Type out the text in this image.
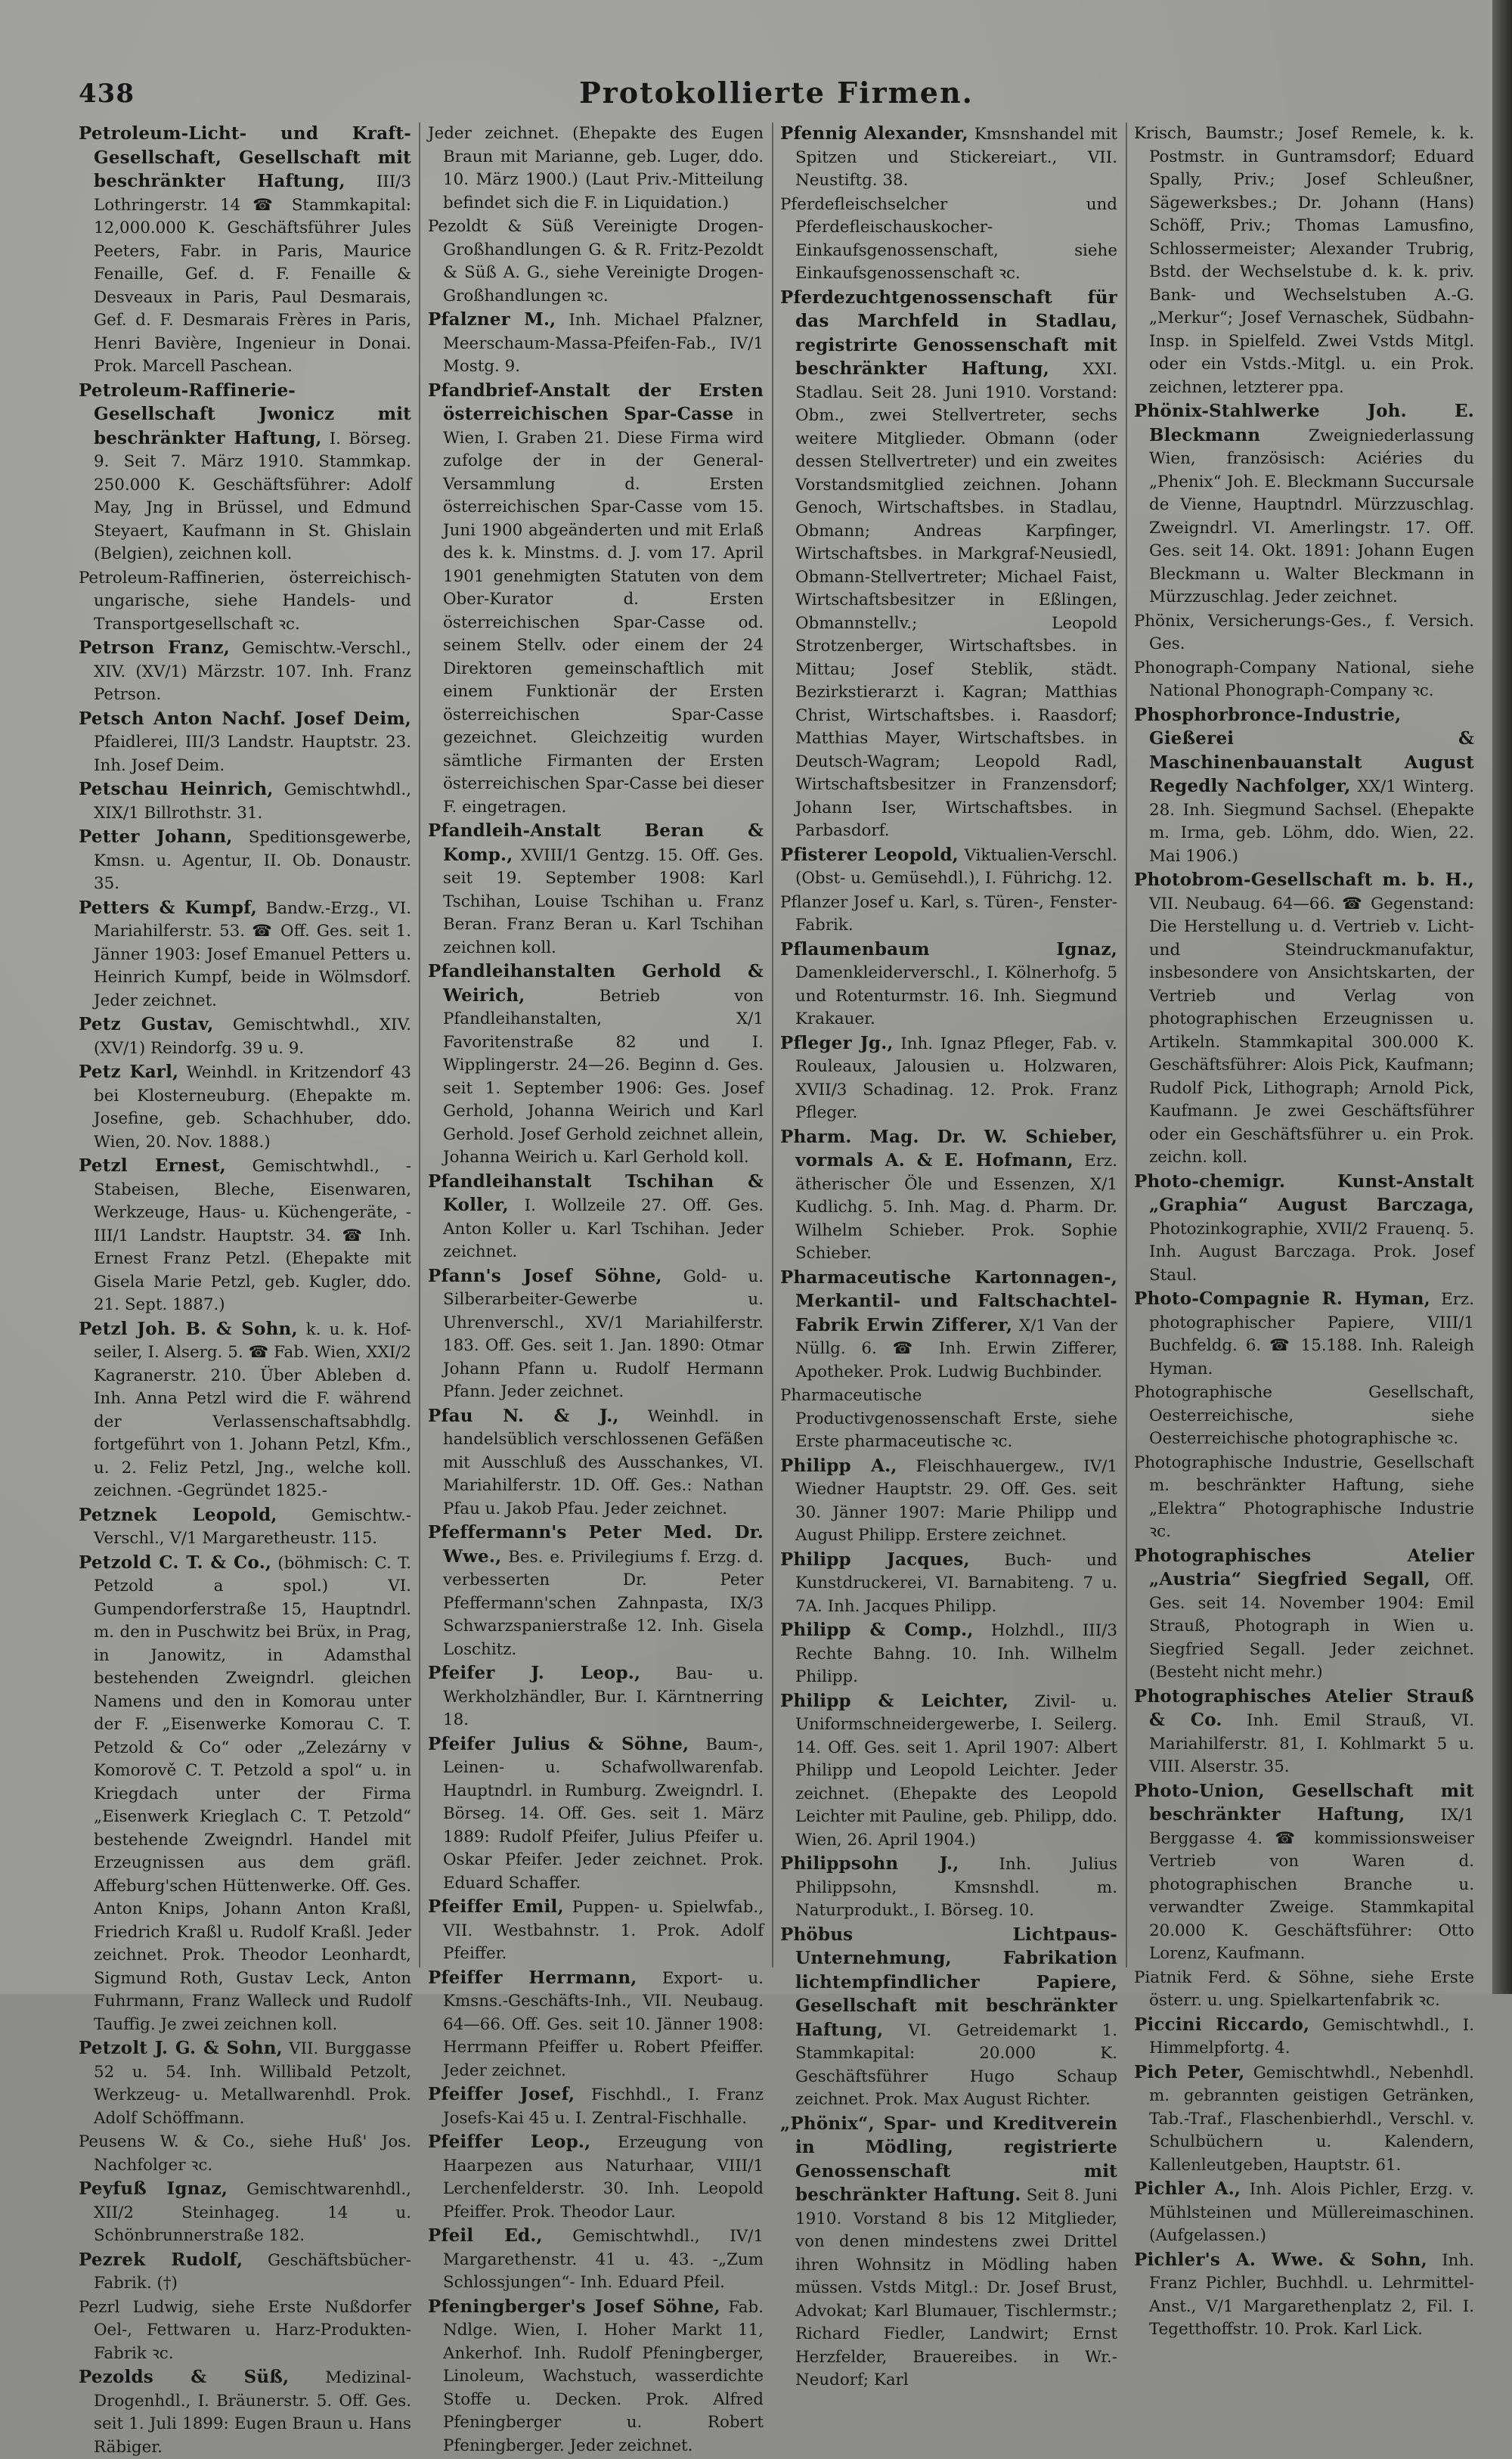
438	Protokollierte Firmen.

Petroleum-Licht- und Kraft-Gesellschaft, Gesellschaft mit beschränkter Haftung, III/3 Lothringerstr. 14 ☎ Stammkapital: 12,000.000 K. Geschäftsführer Jules Peeters, Fabr. in Paris, Maurice Fenaille, Gef. d. F. Fenaille & Desveaux in Paris, Paul Desmarais, Gef. d. F. Desmarais Frères in Paris, Henri Bavière, Ingenieur in Donai. Prok. Marcell Paschean.

Petroleum-Raffinerie-Gesellschaft Jwonicz mit beschränkter Haftung, I. Börseg. 9. Seit 7. März 1910. Stammkap. 250.000 K. Geschäftsführer: Adolf May, Jng in Brüssel, und Edmund Steyaert, Kaufmann in St. Ghislain (Belgien), zeichnen koll.

Petroleum-Raffinerien, österreichisch-ungarische, siehe Handels- und Transportgesellschaft ꝛc.

Petrson Franz, Gemischtw.-Verschl., XIV. (XV/1) Märzstr. 107. Inh. Franz Petrson.

Petsch Anton Nachf. Josef Deim, Pfaidlerei, III/3 Landstr. Hauptstr. 23. Inh. Josef Deim.

Petschau Heinrich, Gemischtwhdl., XIX/1 Billrothstr. 31.

Petter Johann, Speditionsgewerbe, Kmsn. u. Agentur, II. Ob. Donaustr. 35.

Petters & Kumpf, Bandw.-Erzg., VI. Mariahilferstr. 53. ☎ Off. Ges. seit 1. Jänner 1903: Josef Emanuel Petters u. Heinrich Kumpf, beide in Wölmsdorf. Jeder zeichnet.

Petz Gustav, Gemischtwhdl., XIV. (XV/1) Reindorfg. 39 u. 9.

Petz Karl, Weinhdl. in Kritzendorf 43 bei Klosterneuburg. (Ehepakte m. Josefine, geb. Schachhuber, ddo. Wien, 20. Nov. 1888.)

Petzl Ernest, Gemischtwhdl., -Stabeisen, Bleche, Eisenwaren, Werkzeuge, Haus- u. Küchengeräte, -III/1 Landstr. Hauptstr. 34. ☎ Inh. Ernest Franz Petzl. (Ehepakte mit Gisela Marie Petzl, geb. Kugler, ddo. 21. Sept. 1887.)

Petzl Joh. B. & Sohn, k. u. k. Hof-seiler, I. Alserg. 5. ☎ Fab. Wien, XXI/2 Kagranerstr. 210. Über Ableben d. Inh. Anna Petzl wird die F. während der Verlassenschaftsabhdlg. fortgeführt von 1. Johann Petzl, Kfm., u. 2. Feliz Petzl, Jng., welche koll. zeichnen. -Gegründet 1825.-

Petznek Leopold, Gemischtw.-Verschl., V/1 Margaretheustr. 115.

Petzold C. T. & Co., (böhmisch: C. T. Petzold a spol.) VI. Gumpendorferstraße 15, Hauptndrl. m. den in Puschwitz bei Brüx, in Prag, in Janowitz, in Adamsthal bestehenden Zweigndrl. gleichen Namens und den in Komorau unter der F. „Eisenwerke Komorau C. T. Petzold & Co“ oder „Zelezárny v Komorově C. T. Petzold a spol“ u. in Kriegdach unter der Firma „Eisenwerk Krieglach C. T. Petzold“ bestehende Zweigndrl. Handel mit Erzeugnissen aus dem gräfl. Affeburg'schen Hüttenwerke. Off. Ges. Anton Knips, Johann Anton Kraßl, Friedrich Kraßl u. Rudolf Kraßl. Jeder zeichnet. Prok. Theodor Leonhardt, Sigmund Roth, Gustav Leck, Anton Fuhrmann, Franz Walleck und Rudolf Tauffig. Je zwei zeichnen koll.

Petzolt J. G. & Sohn, VII. Burggasse 52 u. 54. Inh. Willibald Petzolt, Werkzeug- u. Metallwarenhdl. Prok. Adolf Schöffmann.

Peusens W. & Co., siehe Huß' Jos. Nachfolger ꝛc.

Peyfuß Ignaz, Gemischtwarenhdl., XII/2 Steinhageg. 14 u. Schönbrunnerstraße 182.

Pezrek Rudolf, Geschäftsbücher-Fabrik. (†)

Pezrl Ludwig, siehe Erste Nußdorfer Oel-, Fettwaren u. Harz-Produkten-Fabrik ꝛc.

Pezolds & Süß, Medizinal-Drogenhdl., I. Bräunerstr. 5. Off. Ges. seit 1. Juli 1899: Eugen Braun u. Hans Räbiger.

Jeder zeichnet. (Ehepakte des Eugen Braun mit Marianne, geb. Luger, ddo. 10. März 1900.) (Laut Priv.-Mitteilung befindet sich die F. in Liquidation.)

Pezoldt & Süß Vereinigte Drogen-Großhandlungen G. & R. Fritz-Pezoldt & Süß A. G., siehe Vereinigte Drogen-Großhandlungen ꝛc.

Pfalzner M., Inh. Michael Pfalzner, Meerschaum-Massa-Pfeifen-Fab., IV/1 Mostg. 9.

Pfandbrief-Anstalt der Ersten österreichischen Spar-Casse in Wien, I. Graben 21. Diese Firma wird zufolge der in der General-Versammlung d. Ersten österreichischen Spar-Casse vom 15. Juni 1900 abgeänderten und mit Erlaß des k. k. Minstms. d. J. vom 17. April 1901 genehmigten Statuten von dem Ober-Kurator d. Ersten österreichischen Spar-Casse od. seinem Stellv. oder einem der 24 Direktoren gemeinschaftlich mit einem Funktionär der Ersten österreichischen Spar-Casse gezeichnet. Gleichzeitig wurden sämtliche Firmanten der Ersten österreichischen Spar-Casse bei dieser F. eingetragen.

Pfandleih-Anstalt Beran & Komp., XVIII/1 Gentzg. 15. Off. Ges. seit 19. September 1908: Karl Tschihan, Louise Tschihan u. Franz Beran. Franz Beran u. Karl Tschihan zeichnen koll.

Pfandleihanstalten Gerhold & Weirich,	Betrieb von Pfandleihanstalten, X/1 Favoritenstraße 82 und I. Wipplingerstr. 24—26. Beginn d. Ges. seit 1. September 1906: Ges. Josef Gerhold, Johanna Weirich und Karl Gerhold. Josef Gerhold zeichnet allein, Johanna Weirich u. Karl Gerhold koll.

Pfandleihanstalt Tschihan & Koller, I. Wollzeile 27. Off. Ges. Anton Koller u. Karl Tschihan. Jeder zeichnet.

Pfann's Josef Söhne, Gold- u. Silberarbeiter-Gewerbe u. Uhrenverschl., XV/1 Mariahilferstr. 183. Off. Ges. seit 1. Jan. 1890: Otmar Johann Pfann u. Rudolf Hermann Pfann. Jeder zeichnet.

Pfau N. & J., Weinhdl. in handelsüblich verschlossenen Gefäßen mit Ausschluß des Ausschankes, VI. Mariahilferstr. 1D. Off. Ges.: Nathan Pfau u. Jakob Pfau. Jeder zeichnet.

Pfeffermann's Peter Med. Dr. Wwe., Bes. e. Privilegiums f. Erzg. d. verbesserten Dr. Peter Pfeffermann'schen Zahnpasta, IX/3 Schwarzspanierstraße 12. Inh. Gisela Loschitz.

Pfeifer J. Leop., Bau- u. Werkholzhändler, Bur. I. Kärntnerring 18.

Pfeifer Julius & Söhne, Baum-, Leinen- u. Schafwollwarenfab. Hauptndrl. in Rumburg. Zweigndrl. I. Börseg. 14. Off. Ges. seit 1. März 1889: Rudolf Pfeifer, Julius Pfeifer u. Oskar Pfeifer. Jeder zeichnet. Prok. Eduard Schaffer.

Pfeiffer Emil, Puppen- u. Spielwfab., VII. Westbahnstr. 1. Prok. Adolf Pfeiffer.

Pfeiffer Herrmann, Export- u. Kmsns.-Geschäfts-Inh., VII. Neubaug. 64—66. Off. Ges. seit 10. Jänner 1908: Herrmann Pfeiffer u. Robert Pfeiffer. Jeder zeichnet.

Pfeiffer Josef, Fischhdl., I. Franz Josefs-Kai 45 u. I. Zentral-Fischhalle.

Pfeiffer Leop., Erzeugung von Haarpezen aus Naturhaar, VIII/1 Lerchenfelderstr. 30. Inh. Leopold Pfeiffer. Prok. Theodor Laur.

Pfeil Ed., Gemischtwhdl., IV/1 Margarethenstr. 41 u. 43. -„Zum Schlossjungen“- Inh. Eduard Pfeil.

Pfeningberger's Josef Söhne, Fab. Ndlge. Wien, I. Hoher Markt 11, Ankerhof. Inh. Rudolf Pfeningberger, Linoleum, Wachstuch, wasserdichte Stoffe u. Decken. Prok. Alfred Pfeningberger u. Robert Pfeningberger. Jeder zeichnet.

Pfennig Alexander, Kmsnshandel mit Spitzen und Stickereiart., VII. Neustiftg. 38.

Pferdefleischselcher und Pferdefleischauskocher-Einkaufsgenossenschaft, siehe Einkaufsgenossenschaft ꝛc.

Pferdezuchtgenossenschaft für das Marchfeld in Stadlau, registrirte Genossenschaft mit beschränkter Haftung, XXI. Stadlau. Seit 28. Juni 1910. Vorstand: Obm., zwei Stellvertreter, sechs weitere Mitglieder. Obmann (oder dessen Stellvertreter) und ein zweites Vorstandsmitglied zeichnen. Johann Genoch, Wirtschaftsbes. in Stadlau, Obmann; Andreas Karpfinger, Wirtschaftsbes. in Markgraf-Neusiedl, Obmann-Stellvertreter; Michael Faist, Wirtschaftsbesitzer in Eßlingen, Obmannstellv.; Leopold Strotzenberger, Wirtschaftsbes. in Mittau; Josef Steblik, städt. Bezirkstierarzt i. Kagran; Matthias Christ, Wirtschaftsbes. i. Raasdorf; Matthias Mayer, Wirtschaftsbes. in Deutsch-Wagram; Leopold Radl, Wirtschaftsbesitzer in Franzensdorf; Johann Iser, Wirtschaftsbes. in Parbasdorf.

Pfisterer Leopold, Viktualien-Verschl. (Obst- u. Gemüsehdl.), I. Führichg. 12.

Pflanzer Josef u. Karl, s. Türen-, Fenster-Fabrik.

Pflaumenbaum Ignaz, Damenkleiderverschl., I. Kölnerhofg. 5 und Rotenturmstr. 16. Inh. Siegmund Krakauer.

Pfleger Jg., Inh. Ignaz Pfleger, Fab. v. Rouleaux, Jalousien u. Holzwaren, XVII/3 Schadinag. 12. Prok. Franz Pfleger.

Pharm. Mag. Dr. W. Schieber, vormals A. & E. Hofmann, Erz. ätherischer Öle und Essenzen, X/1 Kudlichg. 5. Inh. Mag. d. Pharm. Dr. Wilhelm Schieber. Prok. Sophie Schieber.

Pharmaceutische Kartonnagen-, Merkantil- und Faltschachtel-Fabrik Erwin Zifferer, X/1 Van der Nüllg. 6. ☎ Inh. Erwin Zifferer, Apotheker. Prok. Ludwig Buchbinder.

Pharmaceutische Productivgenossenschaft Erste, siehe Erste pharmaceutische ꝛc.

Philipp A., Fleischhauergew., IV/1 Wiedner Hauptstr. 29. Off. Ges. seit 30. Jänner 1907: Marie Philipp und August Philipp. Erstere zeichnet.

Philipp Jacques, Buch- und Kunstdruckerei, VI. Barnabiteng. 7 u. 7A. Inh. Jacques Philipp.

Philipp & Comp., Holzhdl., III/3 Rechte Bahng. 10. Inh. Wilhelm Philipp.

Philipp & Leichter, Zivil- u. Uniformschneidergewerbe, I. Seilerg. 14. Off. Ges. seit 1. April 1907: Albert Philipp und Leopold Leichter. Jeder zeichnet. (Ehepakte des Leopold Leichter mit Pauline, geb. Philipp, ddo. Wien, 26. April 1904.)

Philippsohn J., Inh. Julius Philippsohn, Kmsnshdl. m. Naturprodukt., I. Börseg. 10.

Phöbus Lichtpaus-Unternehmung, Fabrikation lichtempfindlicher Papiere, Gesellschaft mit beschränkter Haftung, VI. Getreidemarkt 1. Stammkapital: 20.000 K. Geschäftsführer Hugo Schaup zeichnet. Prok. Max August Richter.

„Phönix“, Spar- und Kreditverein in Mödling, registrierte Genossenschaft mit beschränkter Haftung. Seit 8. Juni 1910. Vorstand 8 bis 12 Mitglieder, von denen mindestens zwei Drittel ihren Wohnsitz in Mödling haben müssen. Vstds Mitgl.: Dr. Josef Brust, Advokat; Karl Blumauer, Tischlermstr.; Richard Fiedler, Landwirt; Ernst Herzfelder, Brauereibes. in Wr.-Neudorf; Karl

Krisch, Baumstr.; Josef Remele, k. k. Postmstr. in Guntramsdorf; Eduard Spally, Priv.; Josef Schleußner, Sägewerksbes.; Dr. Johann (Hans) Schöff, Priv.; Thomas Lamusfino, Schlossermeister; Alexander Trubrig, Bstd. der Wechselstube d. k. k. priv. Bank- und Wechselstuben A.-G. „Merkur“; Josef Vernaschek, Südbahn-Insp. in Spielfeld. Zwei Vstds Mitgl. oder ein Vstds.-Mitgl. u. ein Prok. zeichnen, letzterer ppa.

Phönix-Stahlwerke Joh. E. Bleckmann	Zweigniederlassung Wien, französisch: Aciéries du „Phenix“ Joh. E. Bleckmann Succursale de Vienne, Hauptndrl. Mürzzuschlag. Zweigndrl. VI. Amerlingstr. 17. Off. Ges. seit 14. Okt. 1891: Johann Eugen Bleckmann u. Walter Bleckmann in Mürzzuschlag. Jeder zeichnet.

Phönix, Versicherungs-Ges., f. Versich. Ges.

Phonograph-Company National, siehe National Phonograph-Company ꝛc.

Phosphorbronce-Industrie, Gießerei & Maschinenbauanstalt August Regedly Nachfolger, XX/1 Winterg. 28. Inh. Siegmund Sachsel. (Ehepakte m. Irma, geb. Löhm, ddo. Wien, 22. Mai 1906.)

Photobrom-Gesellschaft m. b. H., VII. Neubaug. 64—66. ☎ Gegenstand: Die Herstellung u. d. Vertrieb v. Licht- und Steindruckmanufaktur, insbesondere von Ansichtskarten, der Vertrieb und Verlag von photographischen Erzeugnissen u. Artikeln. Stammkapital 300.000 K. Geschäftsführer: Alois Pick, Kaufmann; Rudolf Pick, Lithograph; Arnold Pick, Kaufmann. Je zwei Geschäftsführer oder ein Geschäftsführer u. ein Prok. zeichn. koll.

Photo-chemigr. Kunst-Anstalt „Graphia“ August Barczaga, Photozinkographie, XVII/2 Frauenq. 5. Inh. August Barczaga. Prok. Josef Staul.

Photo-Compagnie R. Hyman, Erz. photographischer Papiere, VIII/1 Buchfeldg. 6. ☎ 15.188. Inh. Raleigh Hyman.

Photographische Gesellschaft, Oesterreichische, siehe Oesterreichische photographische ꝛc.

Photographische Industrie, Gesellschaft m. beschränkter Haftung, siehe „Elektra“ Photographische Industrie ꝛc.

Photographisches Atelier „Austria“ Siegfried Segall, Off. Ges. seit 14. November 1904: Emil Strauß, Photograph in Wien u. Siegfried Segall. Jeder zeichnet. (Besteht nicht mehr.)

Photographisches Atelier Strauß & Co. Inh. Emil Strauß, VI. Mariahilferstr. 81, I. Kohlmarkt 5 u. VIII. Alserstr. 35.

Photo-Union, Gesellschaft mit beschränkter Haftung, IX/1 Berggasse 4. ☎ kommissionsweiser Vertrieb von Waren d. photographischen Branche u. verwandter Zweige. Stammkapital 20.000 K. Geschäftsführer: Otto Lorenz, Kaufmann.

Piatnik Ferd. & Söhne, siehe Erste österr. u. ung. Spielkartenfabrik ꝛc.

Piccini Riccardo, Gemischtwhdl., I. Himmelpfortg. 4.

Pich Peter, Gemischtwhdl., Nebenhdl. m. gebrannten geistigen Getränken, Tab.-Traf., Flaschenbierhdl., Verschl. v. Schulbüchern u. Kalendern, Kallenleutgeben, Hauptstr. 61.

Pichler A., Inh. Alois Pichler, Erzg. v. Mühlsteinen und Müllereimaschinen. (Aufgelassen.)

Pichler's A. Wwe. & Sohn, Inh. Franz Pichler, Buchhdl. u. Lehrmittel-Anst., V/1 Margarethenplatz 2, Fil. I. Tegetthoffstr. 10. Prok. Karl Lick.
